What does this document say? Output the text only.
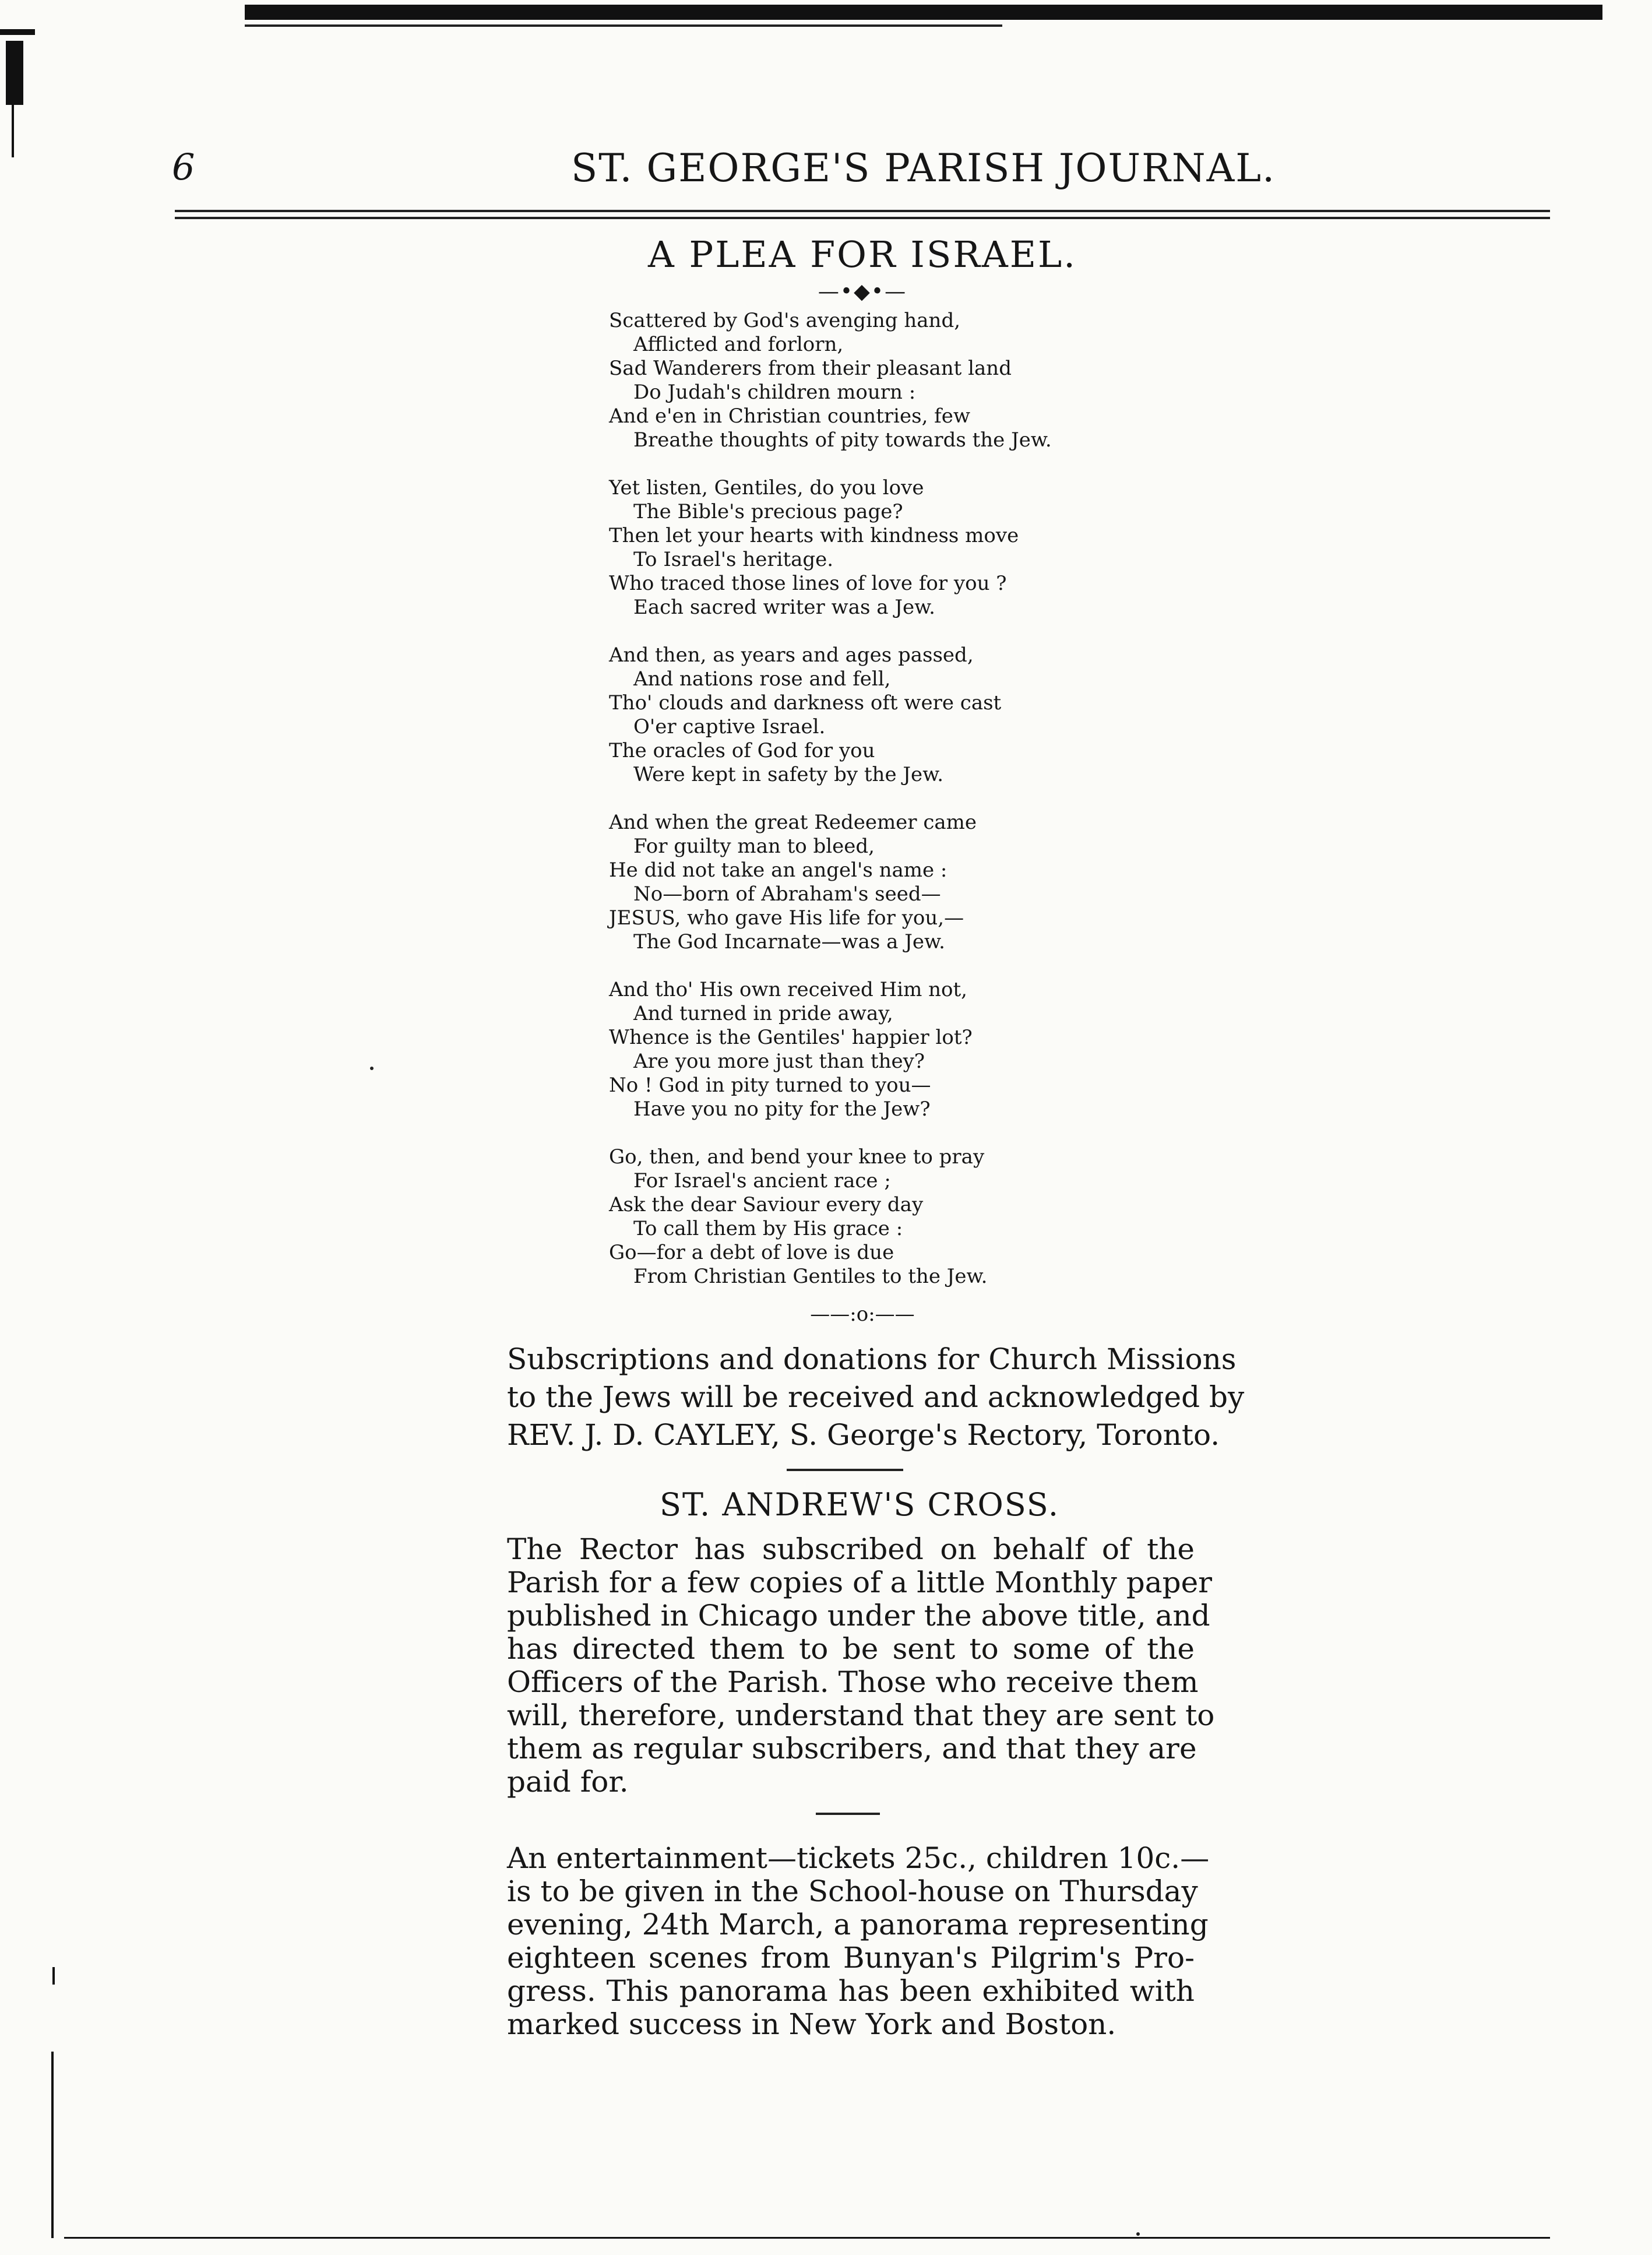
6	ST. GEORGE'S PARISH JOURNAL.
A PLEA FOR ISRAEL.
—•◆•—
Scattered by God's avenging hand,
Afflicted and forlorn,
Sad Wanderers from their pleasant land
Do Judah's children mourn :
And e'en in Christian countries, few
Breathe thoughts of pity towards the Jew.
Yet listen, Gentiles, do you love
The Bible's precious page?
Then let your hearts with kindness move
To Israel's heritage.
Who traced those lines of love for you ?
Each sacred writer was a Jew.
And then, as years and ages passed,
And nations rose and fell,
Tho' clouds and darkness oft were cast
O'er captive Israel.
The oracles of God for you
Were kept in safety by the Jew.
And when the great Redeemer came
For guilty man to bleed,
He did not take an angel's name :
No—born of Abraham's seed—
JESUS, who gave His life for you,—
The God Incarnate—was a Jew.
And tho' His own received Him not,
And turned in pride away,
Whence is the Gentiles' happier lot?
Are you more just than they?
No ! God in pity turned to you—
Have you no pity for the Jew?
Go, then, and bend your knee to pray
For Israel's ancient race ;
Ask the dear Saviour every day
To call them by His grace :
Go—for a debt of love is due
From Christian Gentiles to the Jew.
——:o:——
Subscriptions and donations for Church Missions
to the Jews will be received and acknowledged by
REV. J. D. CAYLEY, S. George's Rectory, Toronto.
ST. ANDREW'S CROSS.
The Rector has subscribed on behalf of the
Parish for a few copies of a little Monthly paper
published in Chicago under the above title, and
has directed them to be sent to some of the
Officers of the Parish. Those who receive them
will, therefore, understand that they are sent to
them as regular subscribers, and that they are
paid for.
An entertainment—tickets 25c., children 10c.—
is to be given in the School-house on Thursday
evening, 24th March, a panorama representing
eighteen scenes from Bunyan's Pilgrim's Pro-
gress. This panorama has been exhibited with
marked success in New York and Boston.
